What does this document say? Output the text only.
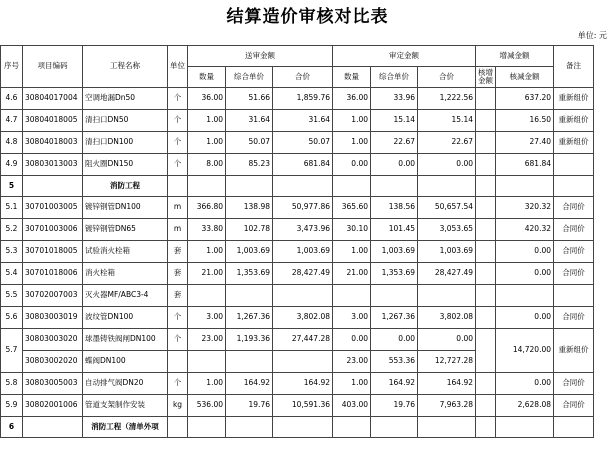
结算造价审核对比表
单位: 元
序号	项目编码	工程名称	单位	送审金额			审定金额			增减金额		备注
				数量	综合单价	合价	数量	综合单价	合价	核增金额	核减金额	
4.6	30804017004	空调地漏Dn50	个	36.00	51.66	1,859.76	36.00	33.96	1,222.56		637.20	重新组价
4.7	30804018005	清扫口DN50	个	1.00	31.64	31.64	1.00	15.14	15.14		16.50	重新组价
4.8	30804018003	清扫口DN100	个	1.00	50.07	50.07	1.00	22.67	22.67		27.40	重新组价
4.9	30803013003	阻火圈DN150	个	8.00	85.23	681.84	0.00	0.00	0.00		681.84	
5		消防工程										
5.1	30701003005	镀锌钢管DN100	m	366.80	138.98	50,977.86	365.60	138.56	50,657.54		320.32	合同价
5.2	30701003006	镀锌钢管DN65	m	33.80	102.78	3,473.96	30.10	101.45	3,053.65		420.32	合同价
5.3	30701018005	试验消火栓箱	套	1.00	1,003.69	1,003.69	1.00	1,003.69	1,003.69		0.00	合同价
5.4	30701018006	消火栓箱	套	21.00	1,353.69	28,427.49	21.00	1,353.69	28,427.49		0.00	合同价
5.5	30702007003	灭火器MF/ABC3-4	套									
5.6	30803003019	波纹管DN100	个	3.00	1,267.36	3,802.08	3.00	1,267.36	3,802.08		0.00	合同价
5.7	30803003020	球墨铸铁阀闸DN100	个	23.00	1,193.36	27,447.28	0.00	0.00	0.00		14,720.00	重新组价
	30803002020	蝶阀DN100					23.00	553.36	12,727.28			
5.8	30803005003	自动排气阀DN20	个	1.00	164.92	164.92	1.00	164.92	164.92		0.00	合同价
5.9	30802001006	管道支架制作安装	kg	536.00	19.76	10,591.36	403.00	19.76	7,963.28		2,628.08	合同价
6		消防工程（清单外项										
